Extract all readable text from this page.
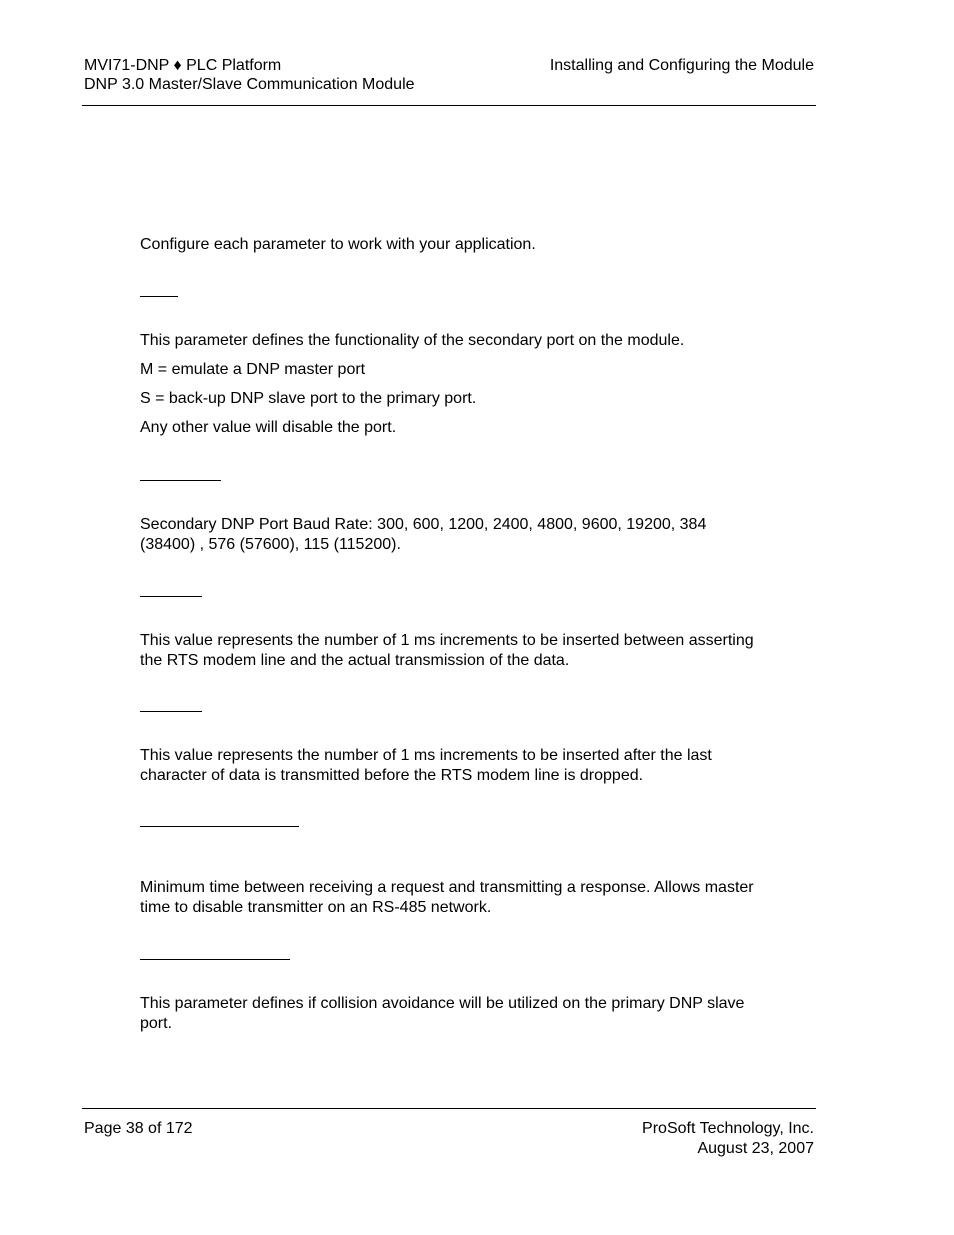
MVI71-DNP ♦ PLC Platform
DNP 3.0 Master/Slave Communication Module
Installing and Configuring the Module

Configure each parameter to work with your application.

This parameter defines the functionality of the secondary port on the module.

M = emulate a DNP master port

S = back-up DNP slave port to the primary port.

Any other value will disable the port.

Secondary DNP Port Baud Rate: 300, 600, 1200, 2400, 4800, 9600, 19200, 384 (38400) , 576 (57600), 115 (115200).

This value represents the number of 1 ms increments to be inserted between asserting the RTS modem line and the actual transmission of the data.

This value represents the number of 1 ms increments to be inserted after the last character of data is transmitted before the RTS modem line is dropped.

Minimum time between receiving a request and transmitting a response. Allows master time to disable transmitter on an RS-485 network.

This parameter defines if collision avoidance will be utilized on the primary DNP slave port.

Page 38 of 172	ProSoft Technology, Inc.
August 23, 2007
